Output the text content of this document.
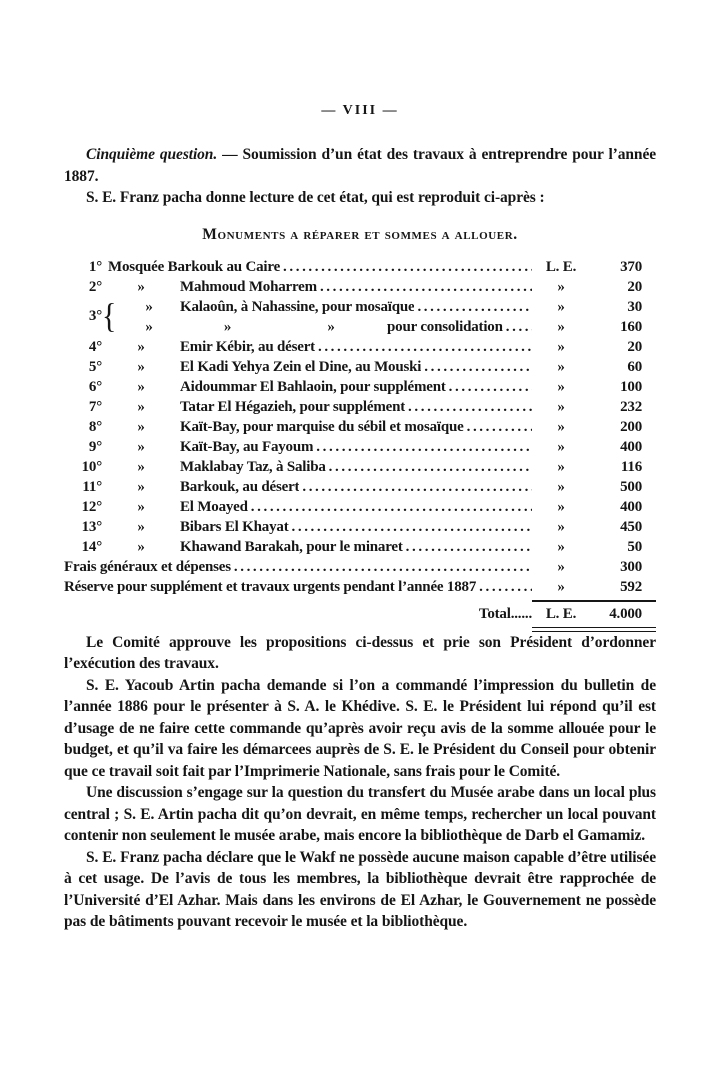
— VIII —

Cinquième question. — Soumission d’un état des travaux à entreprendre pour l’année 1887.

S. E. Franz pacha donne lecture de cet état, qui est reproduit ci-après :

Monuments a réparer et sommes a allouer.
1° Mosquée Barkouk au Caire .....	L. E.	370
2°	»	Mahmoud Moharrem .....	»	20
3° {	»	Kalaoûn, à Nahassine, pour mosaïque .....	»	30
»	»	»	pour consolidation .....	»	160
4°	»	Emir Kébir, au désert .....	»	20
5°	»	El Kadi Yehya Zein el Dine, au Mouski .....	»	60
6°	»	Aidoummar El Bahlaoin, pour supplément .....	»	100
7°	»	Tatar El Hégazieh, pour supplément .....	»	232
8°	»	Kaït-Bay, pour marquise du sébil et mosaïque .....	»	200
9°	»	Kaït-Bay, au Fayoum .....	»	400
10°	»	Maklabay Taz, à Saliba .....	»	116
11°	»	Barkouk, au désert .....	»	500
12°	»	El Moayed .....	»	400
13°	»	Bibars El Khayat .....	»	450
14°	»	Khawand Barakah, pour le minaret .....	»	50
Frais généraux et dépenses .....	»	300
Réserve pour supplément et travaux urgents pendant l’année 1887 .....	»	592
Total...... L. E.	4.000

Le Comité approuve les propositions ci-dessus et prie son Président d’ordonner l’exécution des travaux.

S. E. Yacoub Artin pacha demande si l’on a commandé l’impression du bulletin de l’année 1886 pour le présenter à S. A. le Khédive. S. E. le Président lui répond qu’il est d’usage de ne faire cette commande qu’après avoir reçu avis de la somme allouée pour le budget, et qu’il va faire les démarcees auprès de S. E. le Président du Conseil pour obtenir que ce travail soit fait par l’Imprimerie Nationale, sans frais pour le Comité.

Une discussion s’engage sur la question du transfert du Musée arabe dans un local plus central ; S. E. Artin pacha dit qu’on devrait, en même temps, rechercher un local pouvant contenir non seulement le musée arabe, mais encore la bibliothèque de Darb el Gamamiz.

S. E. Franz pacha déclare que le Wakf ne possède aucune maison capable d’être utilisée à cet usage. De l’avis de tous les membres, la bibliothèque devrait être rapprochée de l’Université d’El Azhar. Mais dans les environs de El Azhar, le Gouvernement ne possède pas de bâtiments pouvant recevoir le musée et la bibliothèque.
